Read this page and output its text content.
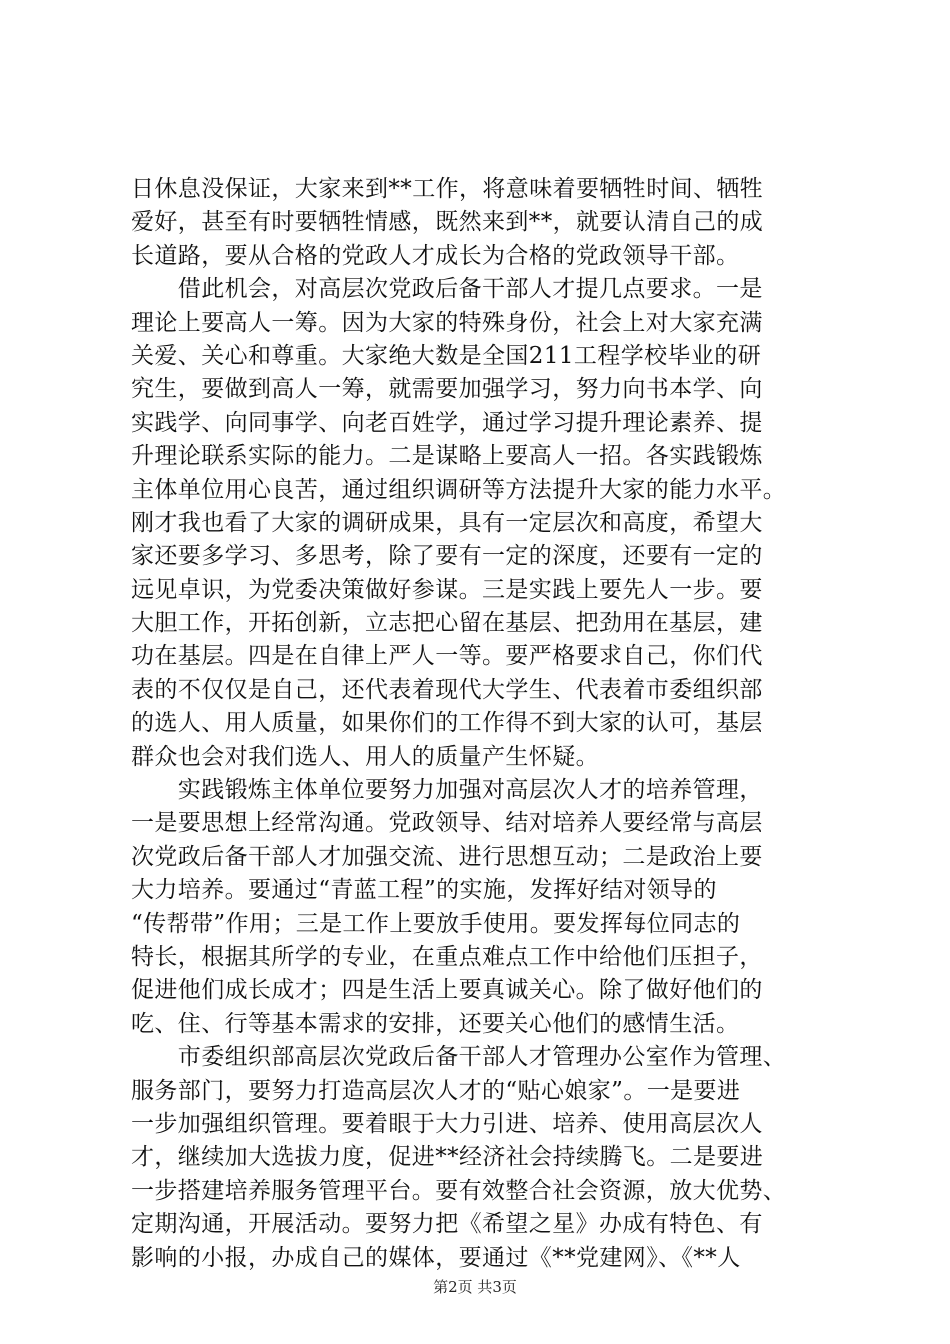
日休息没保证，大家来到**工作，将意味着要牺牲时间、牺牲
爱好，甚至有时要牺牲情感，既然来到**，就要认清自己的成
长道路，要从合格的党政人才成长为合格的党政领导干部。
　　借此机会，对高层次党政后备干部人才提几点要求。一是
理论上要高人一筹。因为大家的特殊身份，社会上对大家充满
关爱、关心和尊重。大家绝大数是全国211工程学校毕业的研
究生，要做到高人一筹，就需要加强学习，努力向书本学、向
实践学、向同事学、向老百姓学，通过学习提升理论素养、提
升理论联系实际的能力。二是谋略上要高人一招。各实践锻炼
主体单位用心良苦，通过组织调研等方法提升大家的能力水平。
刚才我也看了大家的调研成果，具有一定层次和高度，希望大
家还要多学习、多思考，除了要有一定的深度，还要有一定的
远见卓识，为党委决策做好参谋。三是实践上要先人一步。要
大胆工作，开拓创新，立志把心留在基层、把劲用在基层，建
功在基层。四是在自律上严人一等。要严格要求自己，你们代
表的不仅仅是自己，还代表着现代大学生、代表着市委组织部
的选人、用人质量，如果你们的工作得不到大家的认可，基层
群众也会对我们选人、用人的质量产生怀疑。
　　实践锻炼主体单位要努力加强对高层次人才的培养管理，
一是要思想上经常沟通。党政领导、结对培养人要经常与高层
次党政后备干部人才加强交流、进行思想互动；二是政治上要
大力培养。要通过“青蓝工程”的实施，发挥好结对领导的
“传帮带”作用；三是工作上要放手使用。要发挥每位同志的
特长，根据其所学的专业，在重点难点工作中给他们压担子，
促进他们成长成才；四是生活上要真诚关心。除了做好他们的
吃、住、行等基本需求的安排，还要关心他们的感情生活。
　　市委组织部高层次党政后备干部人才管理办公室作为管理、
服务部门，要努力打造高层次人才的“贴心娘家”。一是要进
一步加强组织管理。要着眼于大力引进、培养、使用高层次人
才，继续加大选拔力度，促进**经济社会持续腾飞。二是要进
一步搭建培养服务管理平台。要有效整合社会资源，放大优势、
定期沟通，开展活动。要努力把《希望之星》办成有特色、有
影响的小报，办成自己的媒体，要通过《**党建网》、《**人
第2页 共3页
